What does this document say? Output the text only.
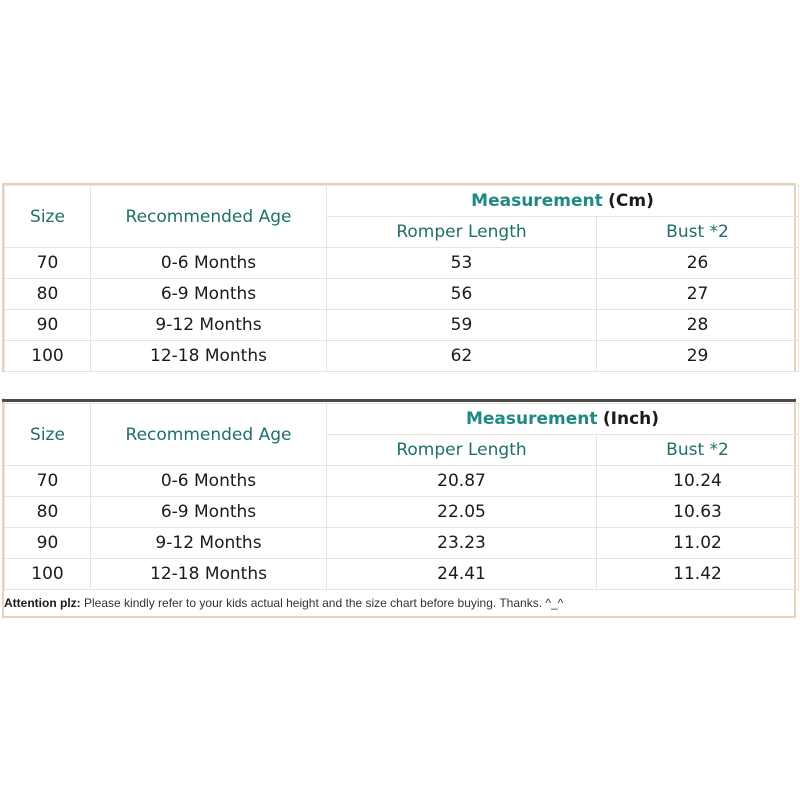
Size	Recommended Age	Measurement (Cm)	
		Romper Length	Bust *2
70	0-6 Months	53	26
80	6-9 Months	56	27
90	9-12 Months	59	28
100	12-18 Months	62	29
Size	Recommended Age	Measurement (Inch)	
		Romper Length	Bust *2
70	0-6 Months	20.87	10.24
80	6-9 Months	22.05	10.63
90	9-12 Months	23.23	11.02
100	12-18 Months	24.41	11.42
Attention plz: Please kindly refer to your kids actual height and the size chart before buying. Thanks. ^_^
